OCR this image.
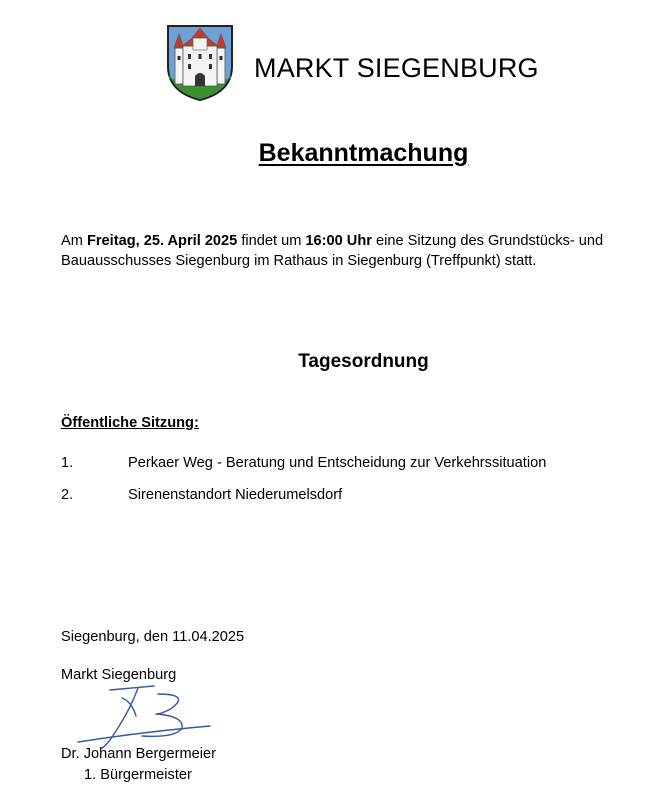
MARKT SIEGENBURG
Bekanntmachung
Am Freitag, 25. April 2025 findet um 16:00 Uhr eine Sitzung des Grundstücks- und
Bauausschusses Siegenburg im Rathaus in Siegenburg (Treffpunkt) statt.
Tagesordnung
Öffentliche Sitzung:
1.	Perkaer Weg - Beratung und Entscheidung zur Verkehrssituation
2.	Sirenenstandort Niederumelsdorf
Siegenburg, den 11.04.2025
Markt Siegenburg
Dr. Johann Bergermeier
1. Bürgermeister
